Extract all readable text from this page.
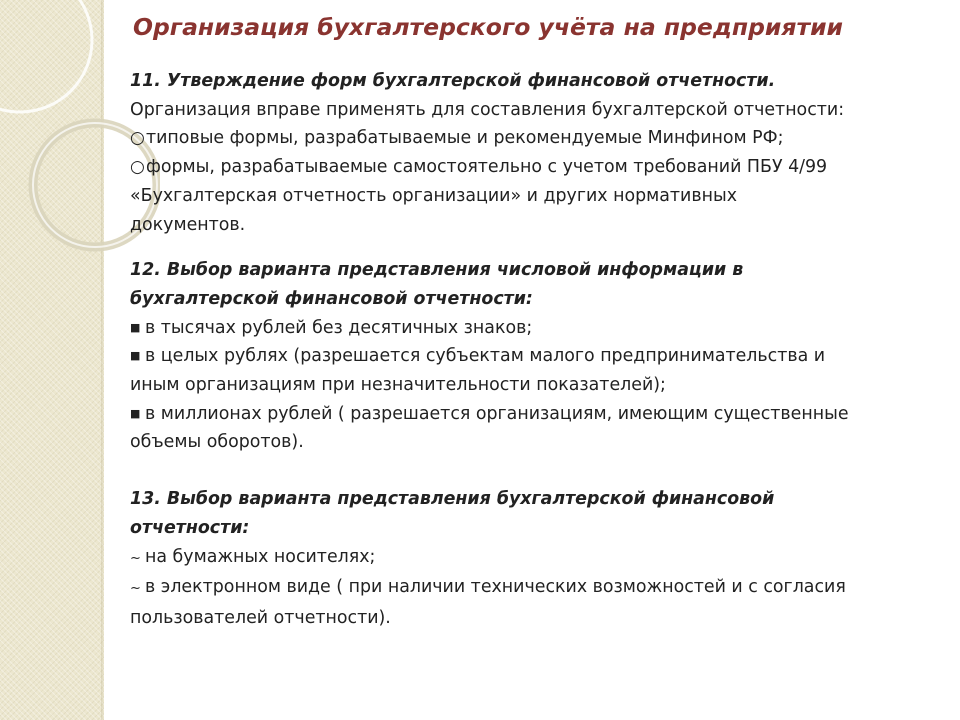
Организация бухгалтерского учёта на предприятии
11. Утверждение форм бухгалтерской финансовой отчетности.
Организация вправе применять для составления бухгалтерской отчетности:
○типовые формы, разрабатываемые и рекомендуемые Минфином РФ;
○формы, разрабатываемые самостоятельно с учетом требований ПБУ 4/99
«Бухгалтерская отчетность организации» и других нормативных
документов.
12. Выбор варианта представления числовой информации в
бухгалтерской финансовой отчетности:
■ в тысячах рублей без десятичных знаков;
■ в целых рублях (разрешается субъектам малого предпринимательства и
иным организациям при незначительности показателей);
■ в миллионах рублей ( разрешается организациям, имеющим существенные
объемы оборотов).
13. Выбор варианта представления бухгалтерской финансовой
отчетности:
~ на бумажных носителях;
~ в электронном виде ( при наличии технических возможностей и с согласия
пользователей отчетности).
